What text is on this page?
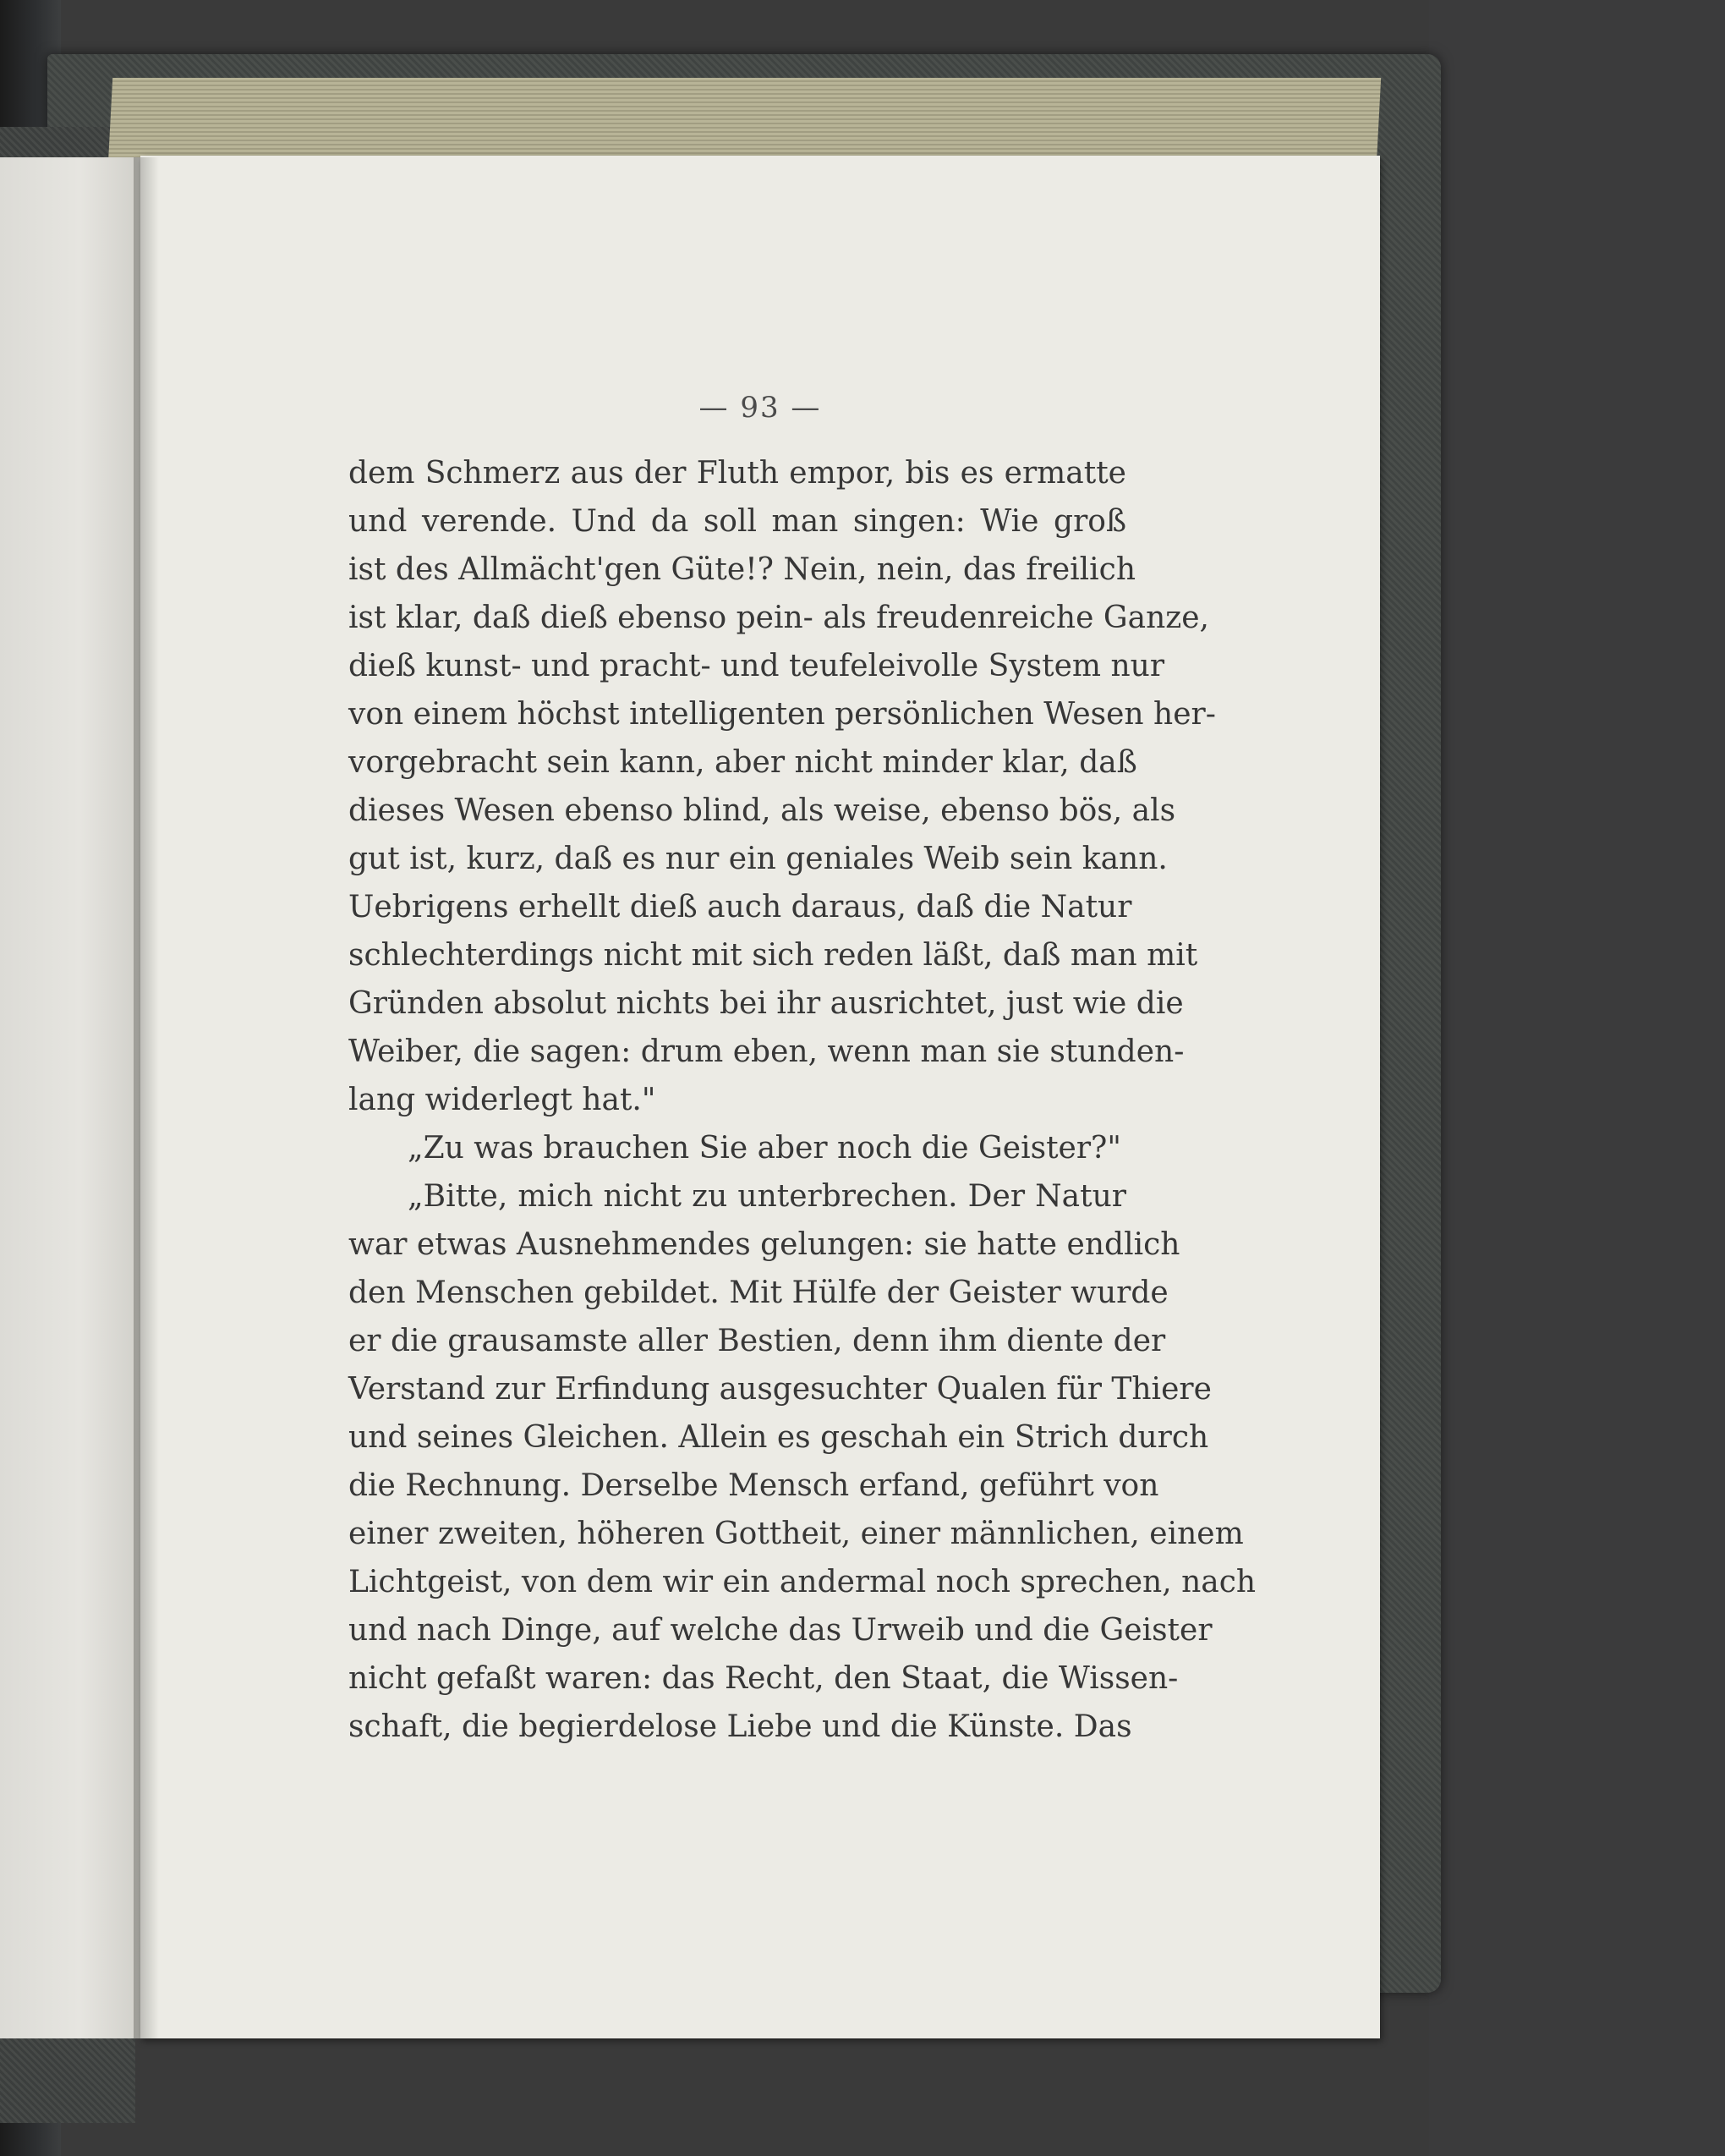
— 93 —
dem Schmerz aus der Fluth empor, bis es ermatte
und verende. Und da soll man singen: Wie groß
ist des Allmächt'gen Güte!? Nein, nein, das freilich
ist klar, daß dieß ebenso pein- als freudenreiche Ganze,
dieß kunst- und pracht- und teufeleivolle System nur
von einem höchst intelligenten persönlichen Wesen her-
vorgebracht sein kann, aber nicht minder klar, daß
dieses Wesen ebenso blind, als weise, ebenso bös, als
gut ist, kurz, daß es nur ein geniales Weib sein kann.
Uebrigens erhellt dieß auch daraus, daß die Natur
schlechterdings nicht mit sich reden läßt, daß man mit
Gründen absolut nichts bei ihr ausrichtet, just wie die
Weiber, die sagen: drum eben, wenn man sie stunden-
lang widerlegt hat."
„Zu was brauchen Sie aber noch die Geister?"
„Bitte, mich nicht zu unterbrechen. Der Natur
war etwas Ausnehmendes gelungen: sie hatte endlich
den Menschen gebildet. Mit Hülfe der Geister wurde
er die grausamste aller Bestien, denn ihm diente der
Verstand zur Erfindung ausgesuchter Qualen für Thiere
und seines Gleichen. Allein es geschah ein Strich durch
die Rechnung. Derselbe Mensch erfand, geführt von
einer zweiten, höheren Gottheit, einer männlichen, einem
Lichtgeist, von dem wir ein andermal noch sprechen, nach
und nach Dinge, auf welche das Urweib und die Geister
nicht gefaßt waren: das Recht, den Staat, die Wissen-
schaft, die begierdelose Liebe und die Künste. Das
